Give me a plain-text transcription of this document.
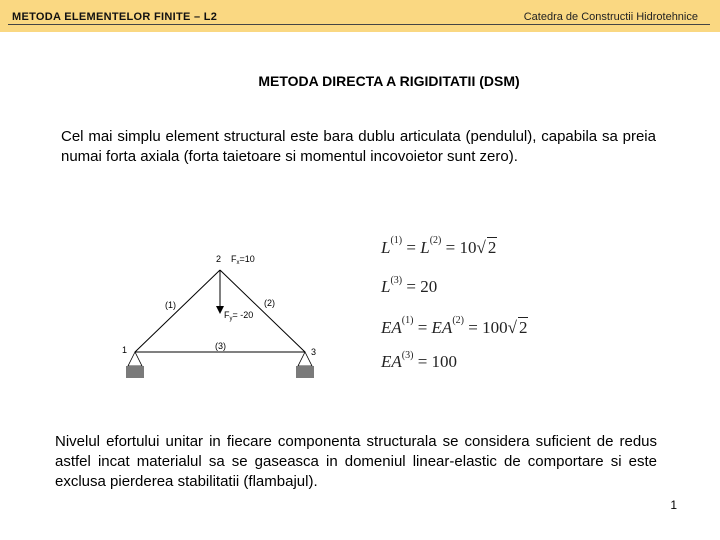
METODA ELEMENTELOR FINITE – L2	Catedra de Constructii Hidrotehnice
METODA DIRECTA A RIGIDITATII (DSM)
Cel mai simplu element structural este bara dublu articulata (pendulul), capabila sa preia numai forta axiala (forta taietoare si momentul incovoietor sunt zero).
2 $F_x=10$
(1)	(2)
$F_y= -20$
1	(3)
3
$L^{(1)} = L^{(2)} = 10√$ 2
$L^{(3)} = 20$
$EA^{(1)} = EA^{(2)} = 100√$ 2
$EA^{(3)} = 100$
Nivelul efortului unitar in fiecare componenta structurala se considera suficient de redus astfel incat materialul sa se gaseasca in domeniul linear-elastic de comportare si este exclusa pierderea stabilitatii (flambajul).
1
